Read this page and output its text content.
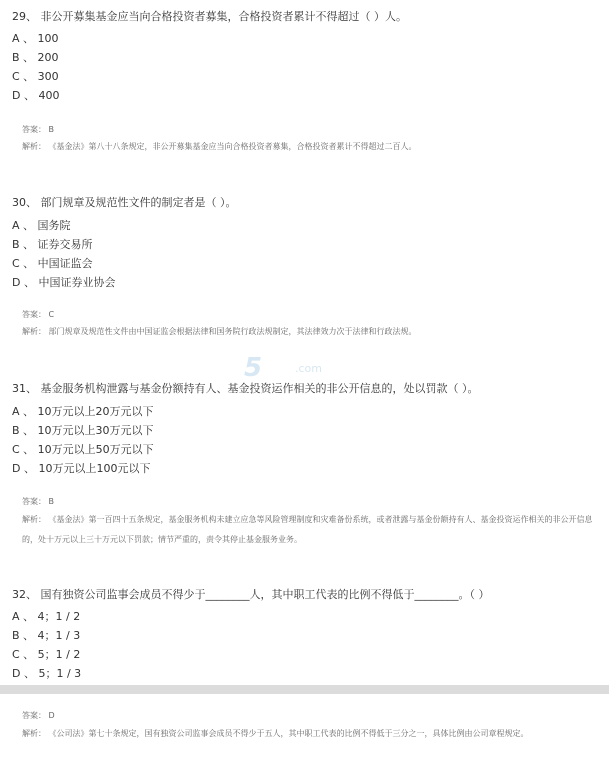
5	.com
29、 非公开募集基金应当向合格投资者募集，合格投资者累计不得超过（ ）人。
A 、 100
B 、 200
C 、 300
D 、 400
答案： B
解析： 《基金法》第八十八条规定，非公开募集基金应当向合格投资者募集，合格投资者累计不得超过二百人。
30、 部门规章及规范性文件的制定者是（ ）。
A 、 国务院
B 、 证券交易所
C 、 中国证监会
D 、 中国证券业协会
答案： C
解析： 部门规章及规范性文件由中国证监会根据法律和国务院行政法规制定，其法律效力次于法律和行政法规。
31、 基金服务机构泄露与基金份额持有人、基金投资运作相关的非公开信息的，处以罚款（ ）。
A 、 10万元以上20万元以下
B 、 10万元以上30万元以下
C 、 10万元以上50万元以下
D 、 10万元以上100元以下
答案： B
解析： 《基金法》第一百四十五条规定，基金服务机构未建立应急等风险管理制度和灾难备份系统，或者泄露与基金份额持有人、基金投资运作相关的非公开信息的，处十万元以上三十万元以下罚款；情节严重的，责令其停止基金服务业务。
32、 国有独资公司监事会成员不得少于________人，其中职工代表的比例不得低于________。（ ）
A 、 4；1 / 2
B 、 4；1 / 3
C 、 5；1 / 2
D 、 5；1 / 3
答案： D
解析： 《公司法》第七十条规定，国有独资公司监事会成员不得少于五人，其中职工代表的比例不得低于三分之一，具体比例由公司章程规定。
